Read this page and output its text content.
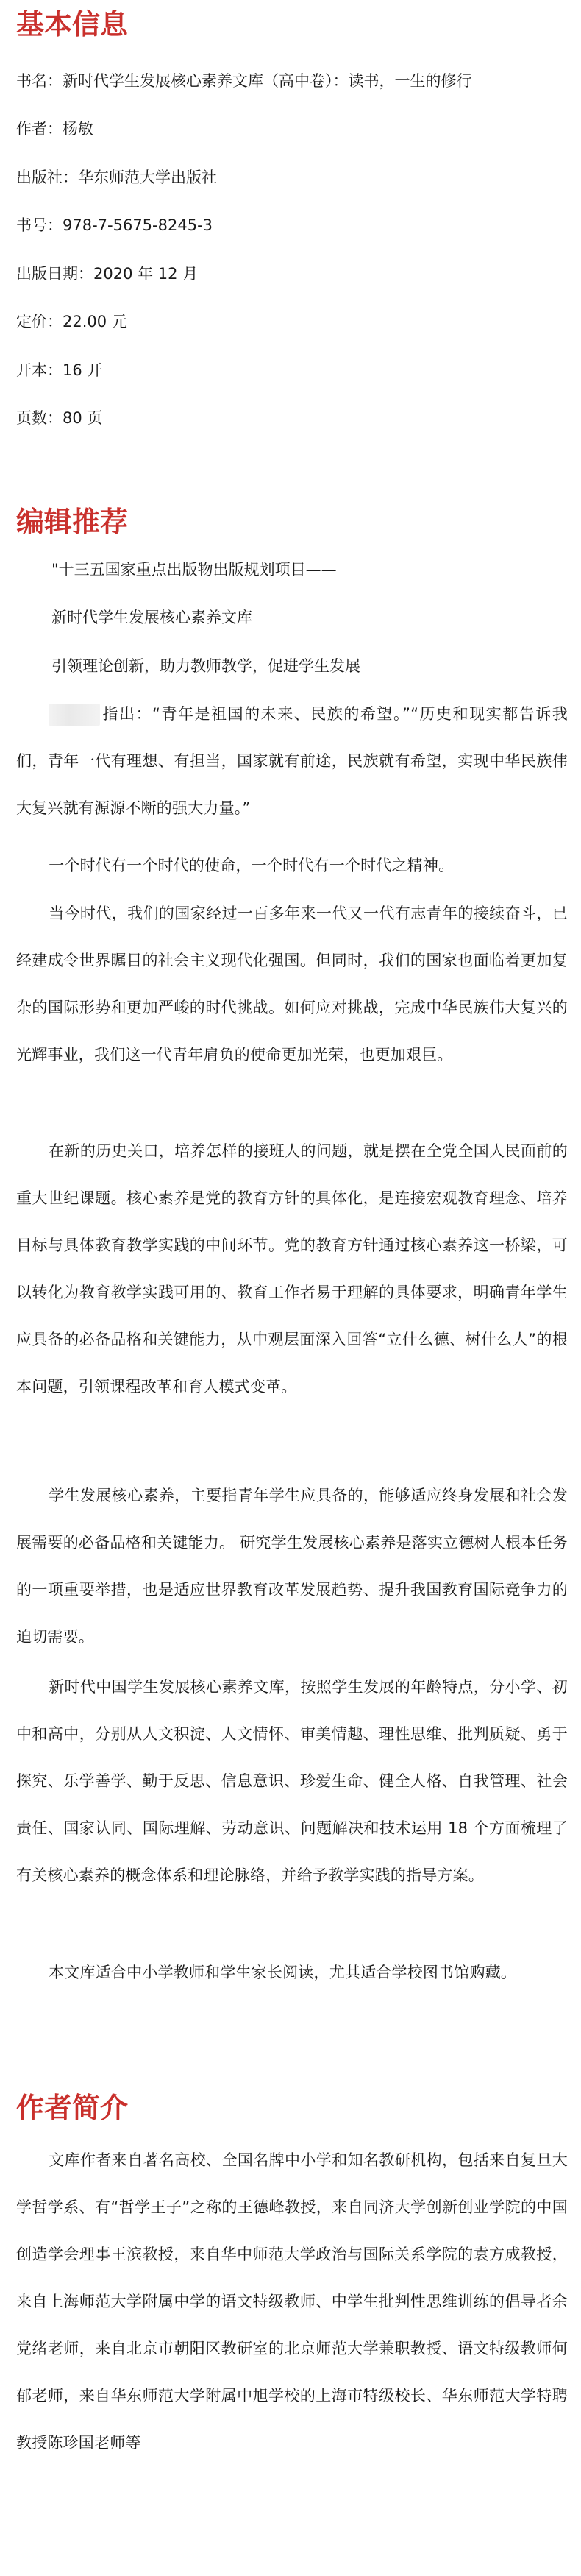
基本信息
书名：新时代学生发展核心素养文库（高中卷）：读书，一生的修行
作者：杨敏
出版社：华东师范大学出版社
书号：978-7-5675-8245-3
出版日期：2020 年 12 月
定价：22.00 元
开本：16 开
页数：80 页
编辑推荐
"十三五国家重点出版物出版规划项目——
新时代学生发展核心素养文库
引领理论创新，助力教师教学，促进学生发展

指出：“青年是祖国的未来、民族的希望。”“历史和现实都告诉我们，青年一代有理想、有担当，国家就有前途，民族就有希望，实现中华民族伟大复兴就有源源不断的强大力量。”

一个时代有一个时代的使命，一个时代有一个时代之精神。

当今时代，我们的国家经过一百多年来一代又一代有志青年的接续奋斗，已经建成令世界瞩目的社会主义现代化强国。但同时，我们的国家也面临着更加复杂的国际形势和更加严峻的时代挑战。如何应对挑战，完成中华民族伟大复兴的光辉事业，我们这一代青年肩负的使命更加光荣，也更加艰巨。

在新的历史关口，培养怎样的接班人的问题，就是摆在全党全国人民面前的重大世纪课题。核心素养是党的教育方针的具体化，是连接宏观教育理念、培养目标与具体教育教学实践的中间环节。党的教育方针通过核心素养这一桥梁，可以转化为教育教学实践可用的、教育工作者易于理解的具体要求，明确青年学生应具备的必备品格和关键能力，从中观层面深入回答“立什么德、树什么人”的根本问题，引领课程改革和育人模式变革。

学生发展核心素养，主要指青年学生应具备的，能够适应终身发展和社会发展需要的必备品格和关键能力。 研究学生发展核心素养是落实立德树人根本任务的一项重要举措，也是适应世界教育改革发展趋势、提升我国教育国际竞争力的迫切需要。

新时代中国学生发展核心素养文库，按照学生发展的年龄特点，分小学、初中和高中，分别从人文积淀、人文情怀、审美情趣、理性思维、批判质疑、勇于探究、乐学善学、勤于反思、信息意识、珍爱生命、健全人格、自我管理、社会责任、国家认同、国际理解、劳动意识、问题解决和技术运用 18 个方面梳理了有关核心素养的概念体系和理论脉络，并给予教学实践的指导方案。

本文库适合中小学教师和学生家长阅读，尤其适合学校图书馆购藏。

作者简介

文库作者来自著名高校、全国名牌中小学和知名教研机构，包括来自复旦大学哲学系、有“哲学王子”之称的王德峰教授，来自同济大学创新创业学院的中国创造学会理事王滨教授，来自华中师范大学政治与国际关系学院的袁方成教授，来自上海师范大学附属中学的语文特级教师、中学生批判性思维训练的倡导者余党绪老师，来自北京市朝阳区教研室的北京师范大学兼职教授、语文特级教师何郁老师，来自华东师范大学附属中旭学校的上海市特级校长、华东师范大学特聘教授陈珍国老师等
